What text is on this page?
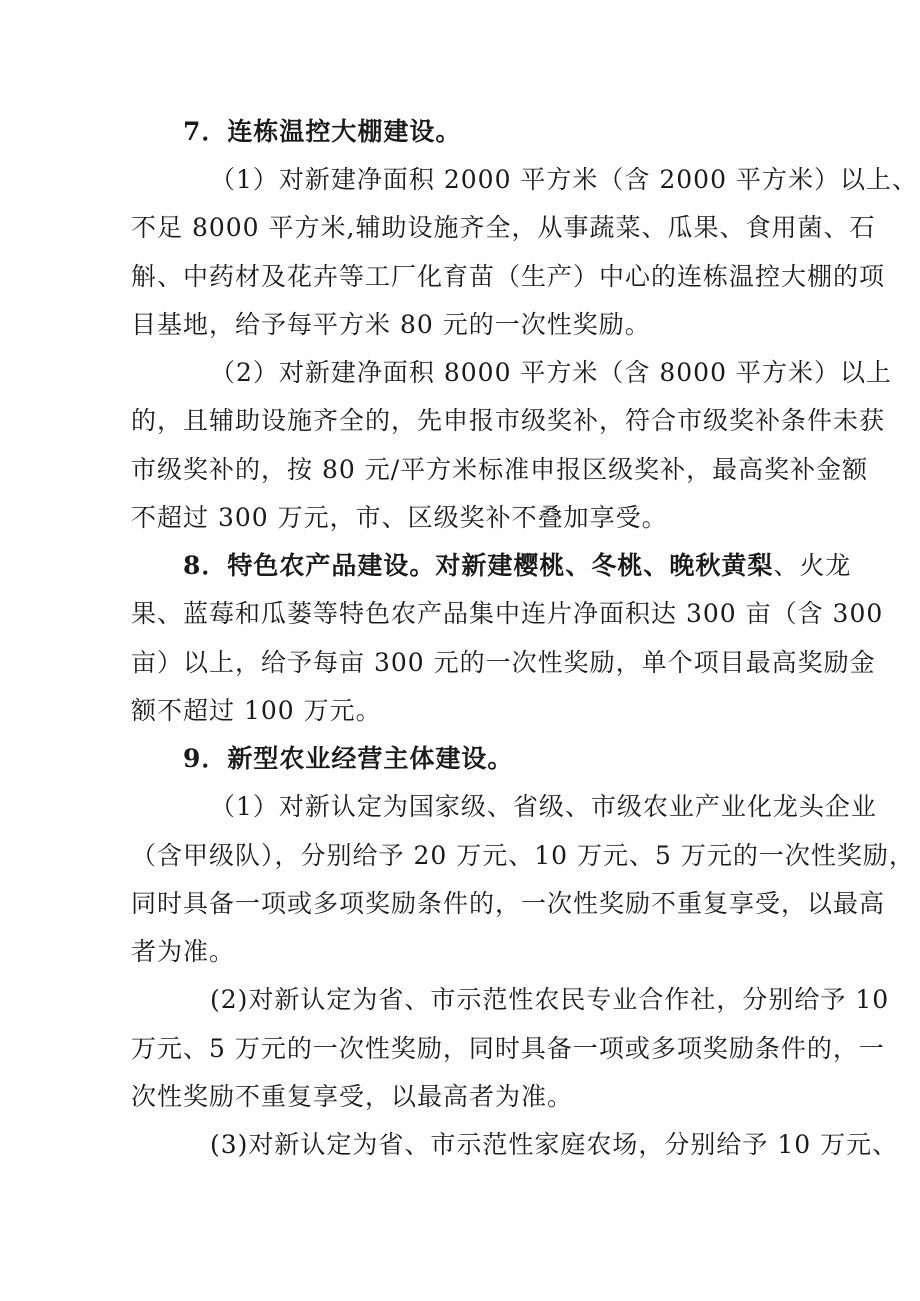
7．连栋温控大棚建设。
（1）对新建净面积 2000 平方米（含 2000 平方米）以上、
不足 8000 平方米,辅助设施齐全，从事蔬菜、瓜果、食用菌、石
斛、中药材及花卉等工厂化育苗（生产）中心的连栋温控大棚的项
目基地，给予每平方米 80 元的一次性奖励。
（2）对新建净面积 8000 平方米（含 8000 平方米）以上
的，且辅助设施齐全的，先申报市级奖补，符合市级奖补条件未获
市级奖补的，按 80 元/平方米标准申报区级奖补，最高奖补金额
不超过 300 万元，市、区级奖补不叠加享受。
8．特色农产品建设。对新建樱桃、冬桃、晚秋黄梨 、火龙
果、蓝莓和瓜蒌等特色农产品集中连片净面积达 300 亩（含 300
亩）以上，给予每亩 300 元的一次性奖励，单个项目最高奖励金
额不超过 100 万元。
9．新型农业经营主体建设。
（1）对新认定为国家级、省级、市级农业产业化龙头企业
（含甲级队），分别给予 20 万元、10 万元、5 万元的一次性奖励，
同时具备一项或多项奖励条件的，一次性奖励不重复享受，以最高
者为准。
(2)对新认定为省、市示范性农民专业合作社，分别给予 10
万元、5 万元的一次性奖励，同时具备一项或多项奖励条件的，一
次性奖励不重复享受，以最高者为准。
(3)对新认定为省、市示范性家庭农场，分别给予 10 万元、
